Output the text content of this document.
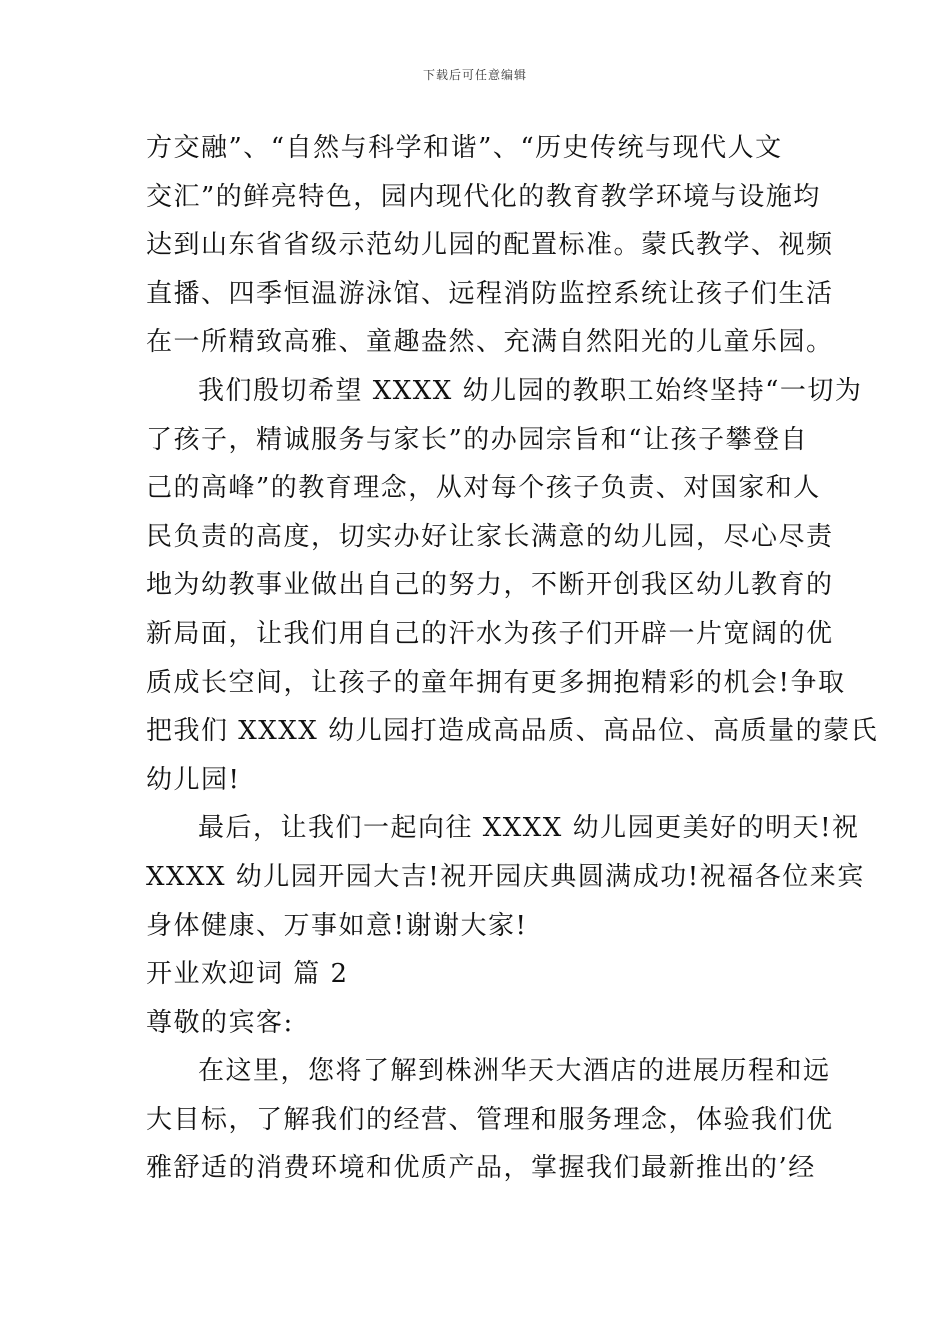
下载后可任意编辑
方交融”、“自然与科学和谐”、“历史传统与现代人文
交汇”的鲜亮特色，园内现代化的教育教学环境与设施均
达到山东省省级示范幼儿园的配置标准。蒙氏教学、视频
直播、四季恒温游泳馆、远程消防监控系统让孩子们生活
在一所精致高雅、童趣盎然、充满自然阳光的儿童乐园。
我们殷切希望 XXXX 幼儿园的教职工始终坚持“一切为
了孩子，精诚服务与家长”的办园宗旨和“让孩子攀登自
己的高峰”的教育理念，从对每个孩子负责、对国家和人
民负责的高度，切实办好让家长满意的幼儿园，尽心尽责
地为幼教事业做出自己的努力，不断开创我区幼儿教育的
新局面，让我们用自己的汗水为孩子们开辟一片宽阔的优
质成长空间，让孩子的童年拥有更多拥抱精彩的机会!争取
把我们 XXXX 幼儿园打造成高品质、高品位、高质量的蒙氏
幼儿园!
最后，让我们一起向往 XXXX 幼儿园更美好的明天!祝
XXXX 幼儿园开园大吉!祝开园庆典圆满成功!祝福各位来宾
身体健康、万事如意!谢谢大家!
开业欢迎词 篇 2
尊敬的宾客:
在这里，您将了解到株洲华天大酒店的进展历程和远
大目标，了解我们的经营、管理和服务理念，体验我们优
雅舒适的消费环境和优质产品，掌握我们最新推出的’经
